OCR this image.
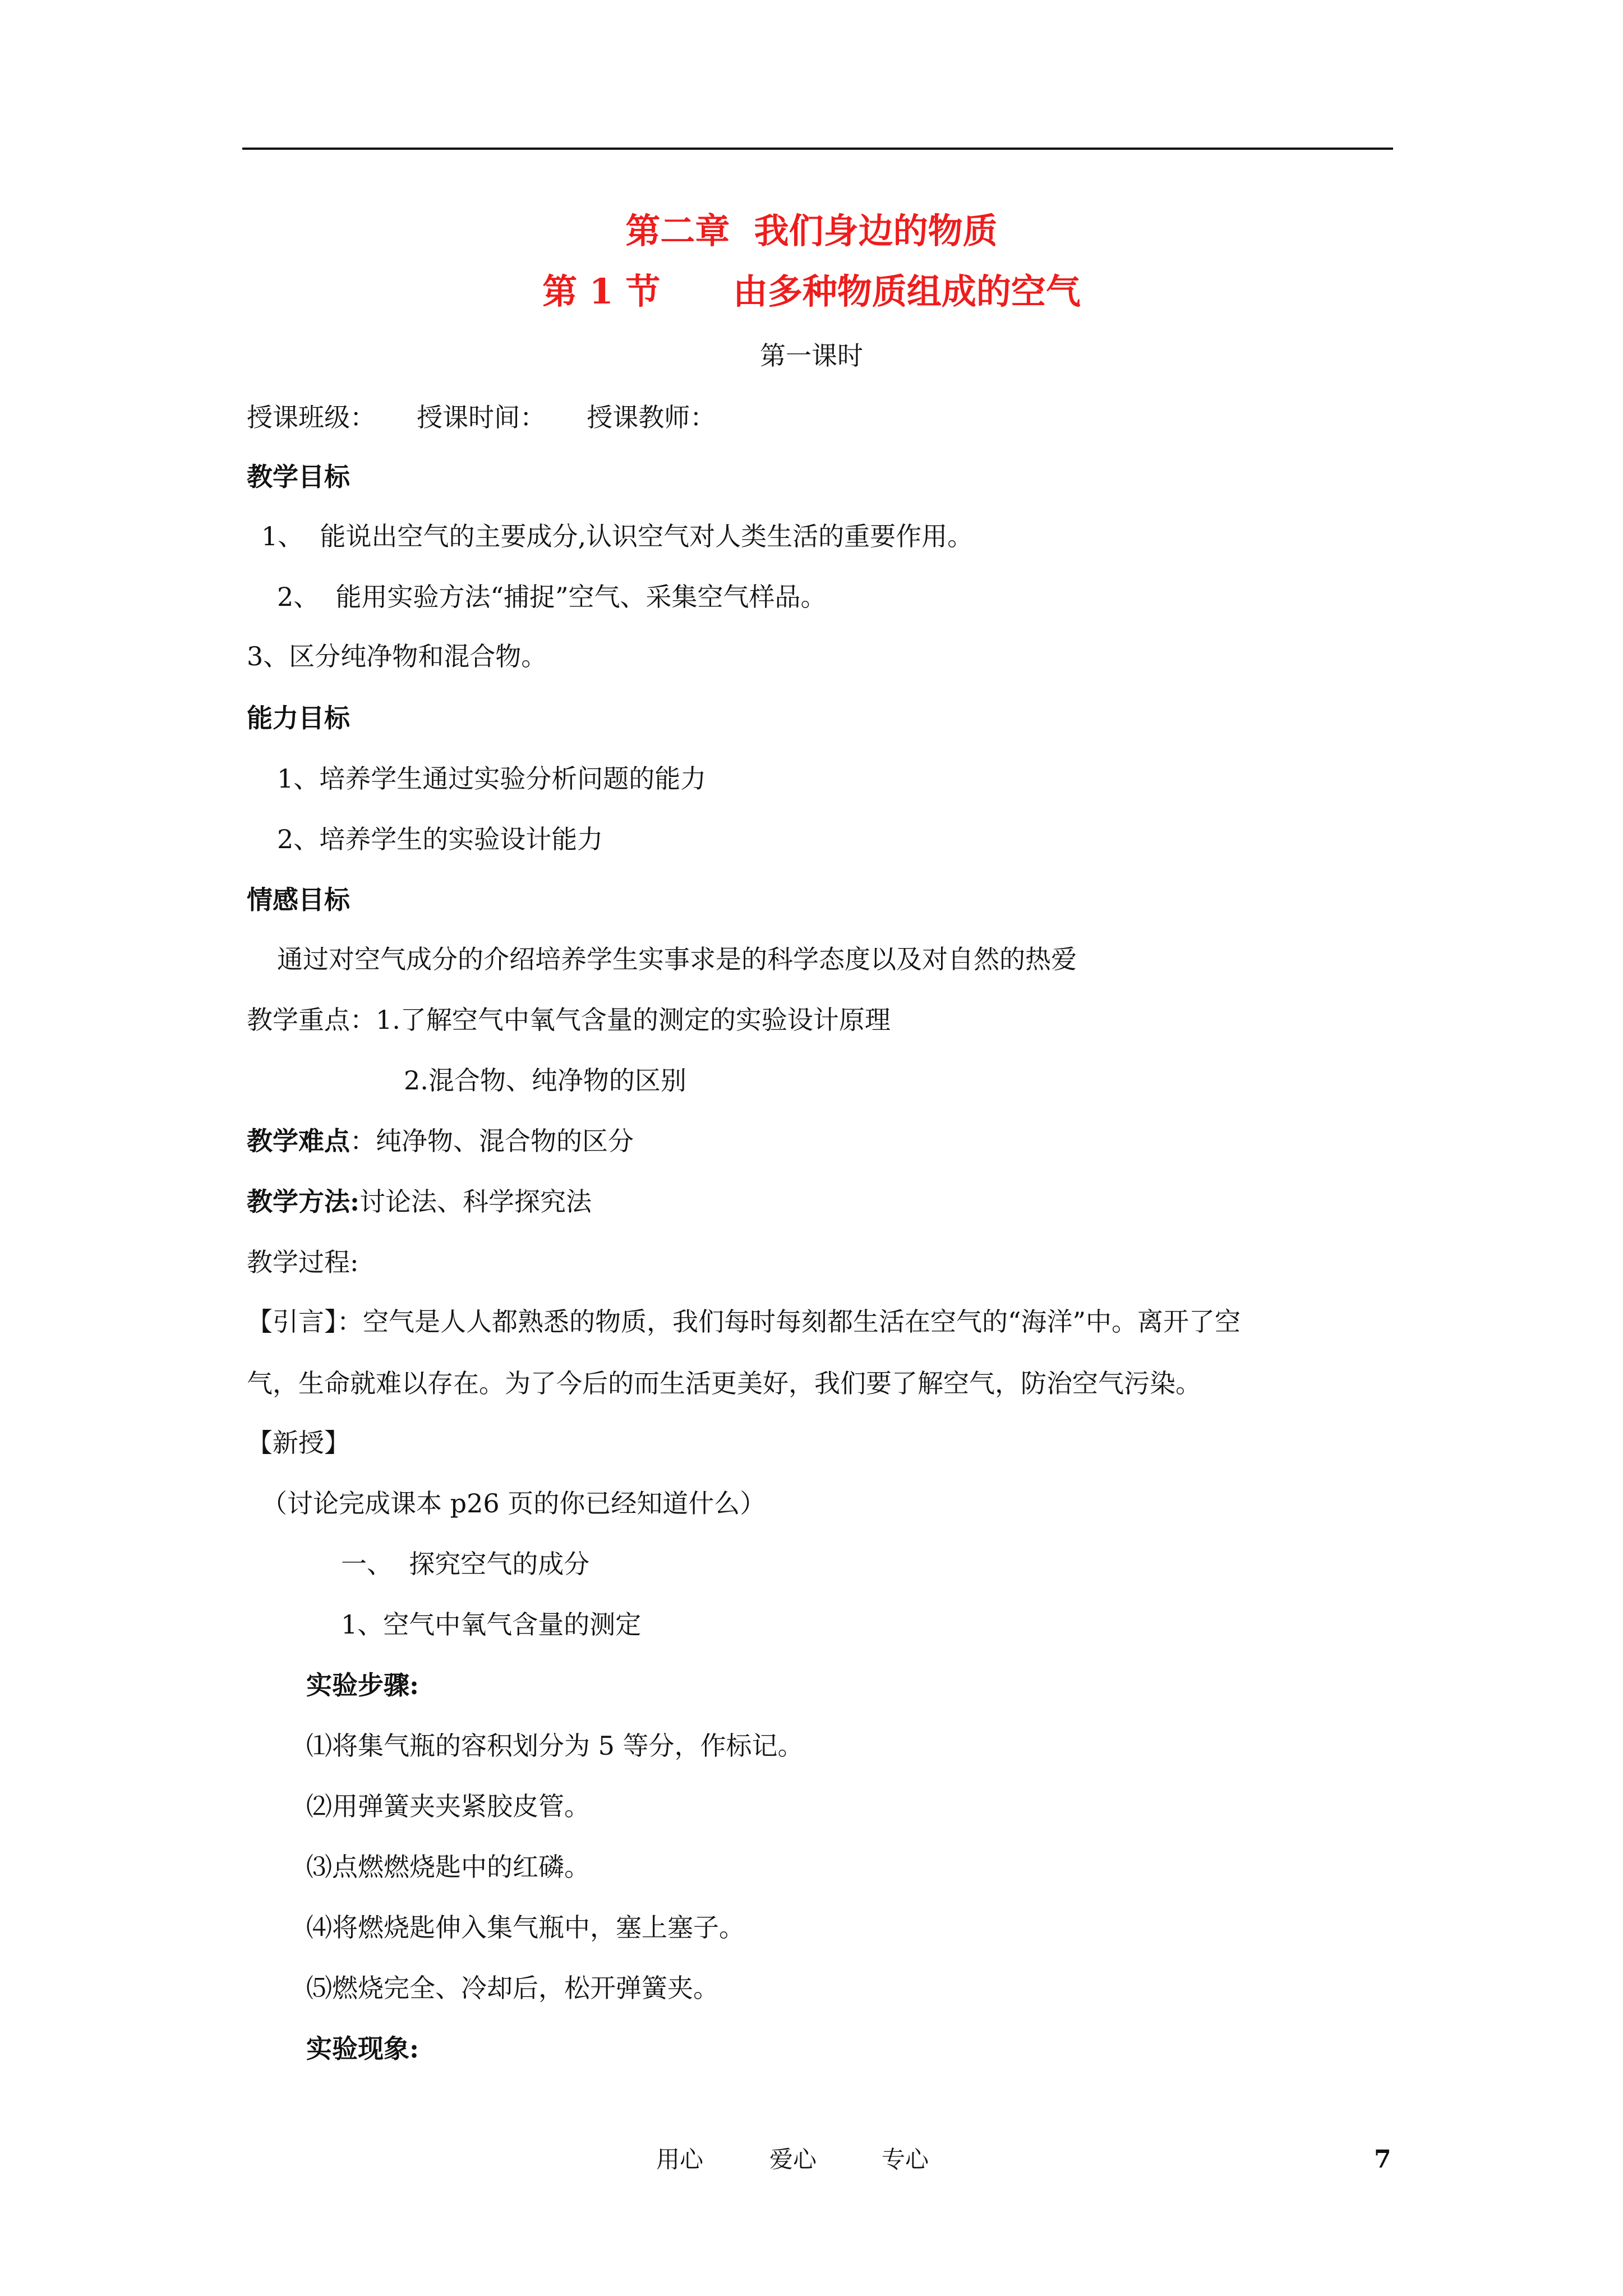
第二章  我们身边的物质
第 1 节      由多种物质组成的空气
第一课时
授课班级：     授课时间：     授课教师：
教学目标
1、  能说出空气的主要成分,认识空气对人类生活的重要作用。
2、  能用实验方法“捕捉”空气、采集空气样品。
3、区分纯净物和混合物。
能力目标
1、培养学生通过实验分析问题的能力
2、培养学生的实验设计能力
情感目标
通过对空气成分的介绍培养学生实事求是的科学态度以及对自然的热爱
教学重点：1.了解空气中氧气含量的测定的实验设计原理
2.混合物、纯净物的区别
教学难点：纯净物、混合物的区分
教学方法:讨论法、科学探究法
教学过程:
【引言】：空气是人人都熟悉的物质，我们每时每刻都生活在空气的“海洋”中。离开了空
气，生命就难以存在。为了今后的而生活更美好，我们要了解空气，防治空气污染。
【新授】
（讨论完成课本 p26 页的你已经知道什么）
一、  探究空气的成分
1、空气中氧气含量的测定
实验步骤:
⑴将集气瓶的容积划分为 5 等分，作标记。
⑵用弹簧夹夹紧胶皮管。
⑶点燃燃烧匙中的红磷。
⑷将燃烧匙伸入集气瓶中，塞上塞子。
⑸燃烧完全、冷却后，松开弹簧夹。
实验现象:
用心	爱心	专心	7
